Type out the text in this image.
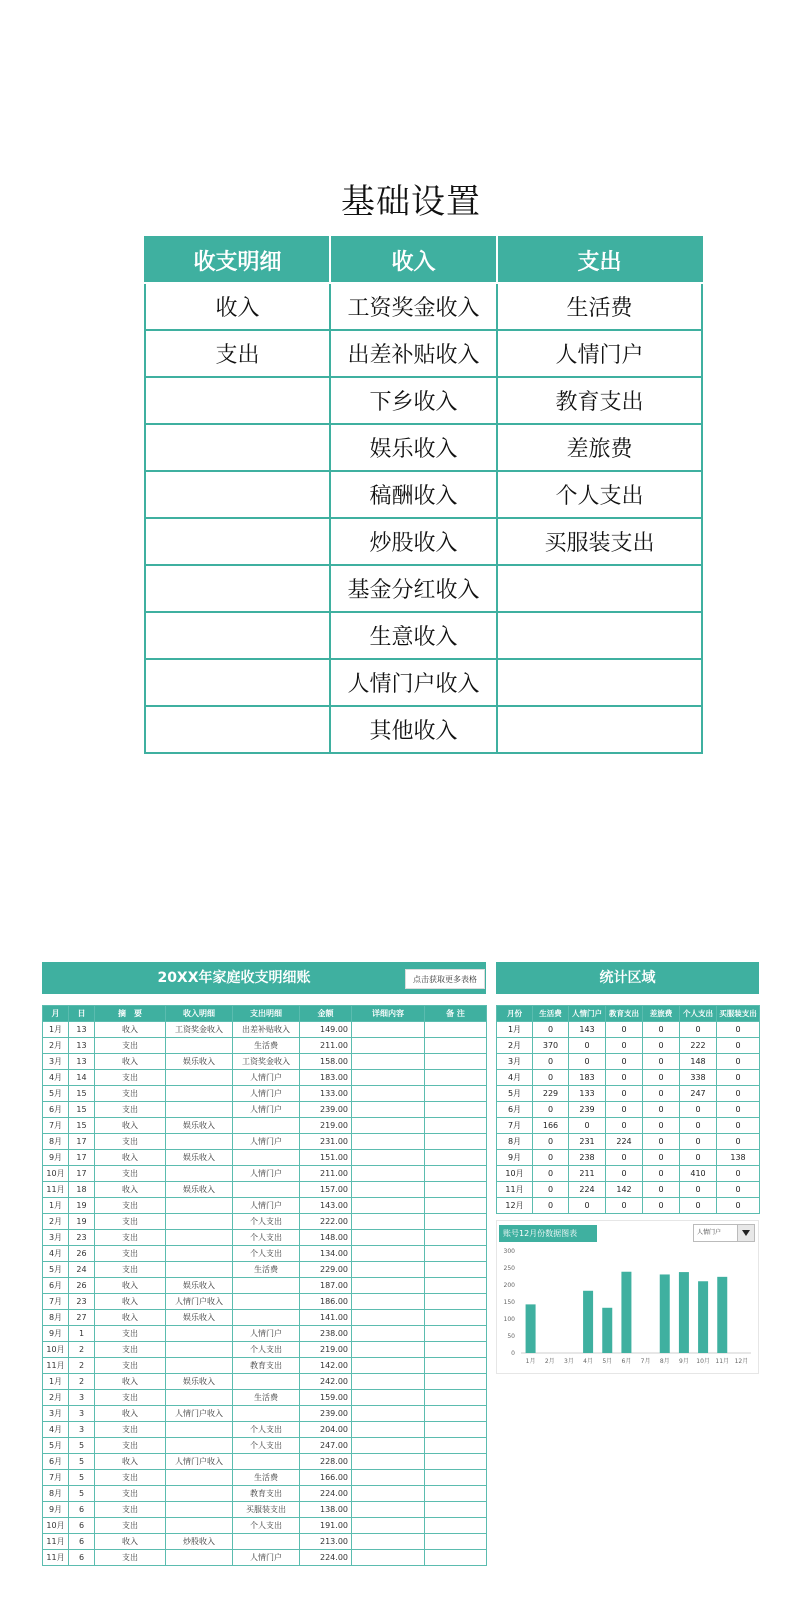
基础设置
收支明细	收入	支出
收入	工资奖金收入	生活费
支出	出差补贴收入	人情门户
	下乡收入	教育支出
	娱乐收入	差旅费
	稿酬收入	个人支出
	炒股收入	买服装支出
	基金分红收入	
	生意收入	
	人情门户收入	
	其他收入	
20XX年家庭收支明细账	点击获取更多表格
月	日	摘　要	收入明细	支出明细	金额	详细内容	备 注
1月	13	收入	工资奖金收入	出差补贴收入	149.00		
2月	13	支出		生活费	211.00		
3月	13	收入	娱乐收入	工资奖金收入	158.00		
4月	14	支出		人情门户	183.00		
5月	15	支出		人情门户	133.00		
6月	15	支出		人情门户	239.00		
7月	15	收入	娱乐收入		219.00		
8月	17	支出		人情门户	231.00		
9月	17	收入	娱乐收入		151.00		
10月	17	支出		人情门户	211.00		
11月	18	收入	娱乐收入		157.00		
1月	19	支出		人情门户	143.00		
2月	19	支出		个人支出	222.00		
3月	23	支出		个人支出	148.00		
4月	26	支出		个人支出	134.00		
5月	24	支出		生活费	229.00		
6月	26	收入	娱乐收入		187.00		
7月	23	收入	人情门户收入		186.00		
8月	27	收入	娱乐收入		141.00		
9月	1	支出		人情门户	238.00		
10月	2	支出		个人支出	219.00		
11月	2	支出		教育支出	142.00		
1月	2	收入	娱乐收入		242.00		
2月	3	支出		生活费	159.00		
3月	3	收入	人情门户收入		239.00		
4月	3	支出		个人支出	204.00		
5月	5	支出		个人支出	247.00		
6月	5	收入	人情门户收入		228.00		
7月	5	支出		生活费	166.00		
8月	5	支出		教育支出	224.00		
9月	6	支出		买服装支出	138.00		
10月	6	支出		个人支出	191.00		
11月	6	收入	炒股收入		213.00		
11月	6	支出		人情门户	224.00		
统计区域
月份	生活费	人情门户	教育支出	差旅费	个人支出	买服装支出
1月	0	143	0	0	0	0
2月	370	0	0	0	222	0
3月	0	0	0	0	148	0
4月	0	183	0	0	338	0
5月	229	133	0	0	247	0
6月	0	239	0	0	0	0
7月	166	0	0	0	0	0
8月	0	231	224	0	0	0
9月	0	238	0	0	0	138
10月	0	211	0	0	410	0
11月	0	224	142	0	0	0
12月	0	0	0	0	0	0
账号12月份数据图表	人情门户
0
50
100
150
200
250
300
1月 2月 3月 4月 5月 6月 7月 8月 9月 10月 11月 12月
